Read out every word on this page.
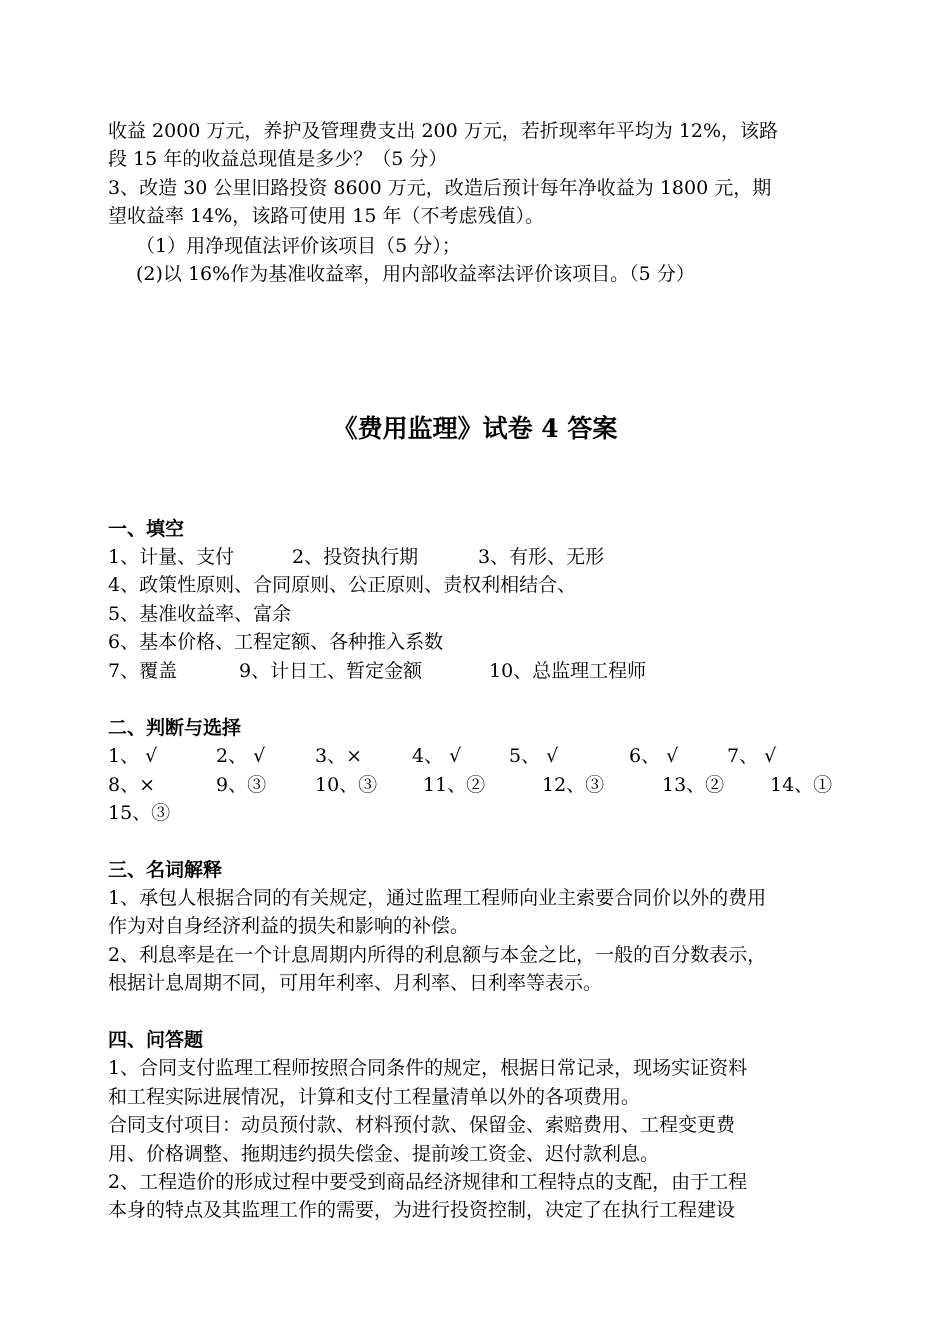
收益 2000 万元，养护及管理费支出 200 万元，若折现率年平均为 12%，该路
段 15 年的收益总现值是多少？（5 分）
3、改造 30 公里旧路投资 8600 万元，改造后预计每年净收益为 1800 元，期
望收益率 14%，该路可使用 15 年（不考虑残值）。
（1）用净现值法评价该项目（5 分）；
(2)以 16%作为基准收益率，用内部收益率法评价该项目。（5 分）
《费用监理》试卷 4 答案
一、填空
1、计量、支付	2、投资执行期	3、有形、无形
4、政策性原则、合同原则、公正原则、责权利相结合、
5、基准收益率、富余
6、基本价格、工程定额、各种推入系数
7、覆盖	9、计日工、暂定金额	10、总监理工程师
二、判断与选择
1、 √	2、 √	3、×	4、 √	5、 √	6、 √	7、 √
8、×	9、③	10、③ 11、②	12、③	13、② 14、①
15、③
三、名词解释
1、承包人根据合同的有关规定，通过监理工程师向业主索要合同价以外的费用
作为对自身经济利益的损失和影响的补偿。
2、利息率是在一个计息周期内所得的利息额与本金之比，一般的百分数表示，
根据计息周期不同，可用年利率、月利率、日利率等表示。
四、问答题
1、合同支付监理工程师按照合同条件的规定，根据日常记录，现场实证资料
和工程实际进展情况，计算和支付工程量清单以外的各项费用。
合同支付项目：动员预付款、材料预付款、保留金、索赔费用、工程变更费
用、价格调整、拖期违约损失偿金、提前竣工资金、迟付款利息。
2、工程造价的形成过程中要受到商品经济规律和工程特点的支配，由于工程
本身的特点及其监理工作的需要，为进行投资控制，决定了在执行工程建设
